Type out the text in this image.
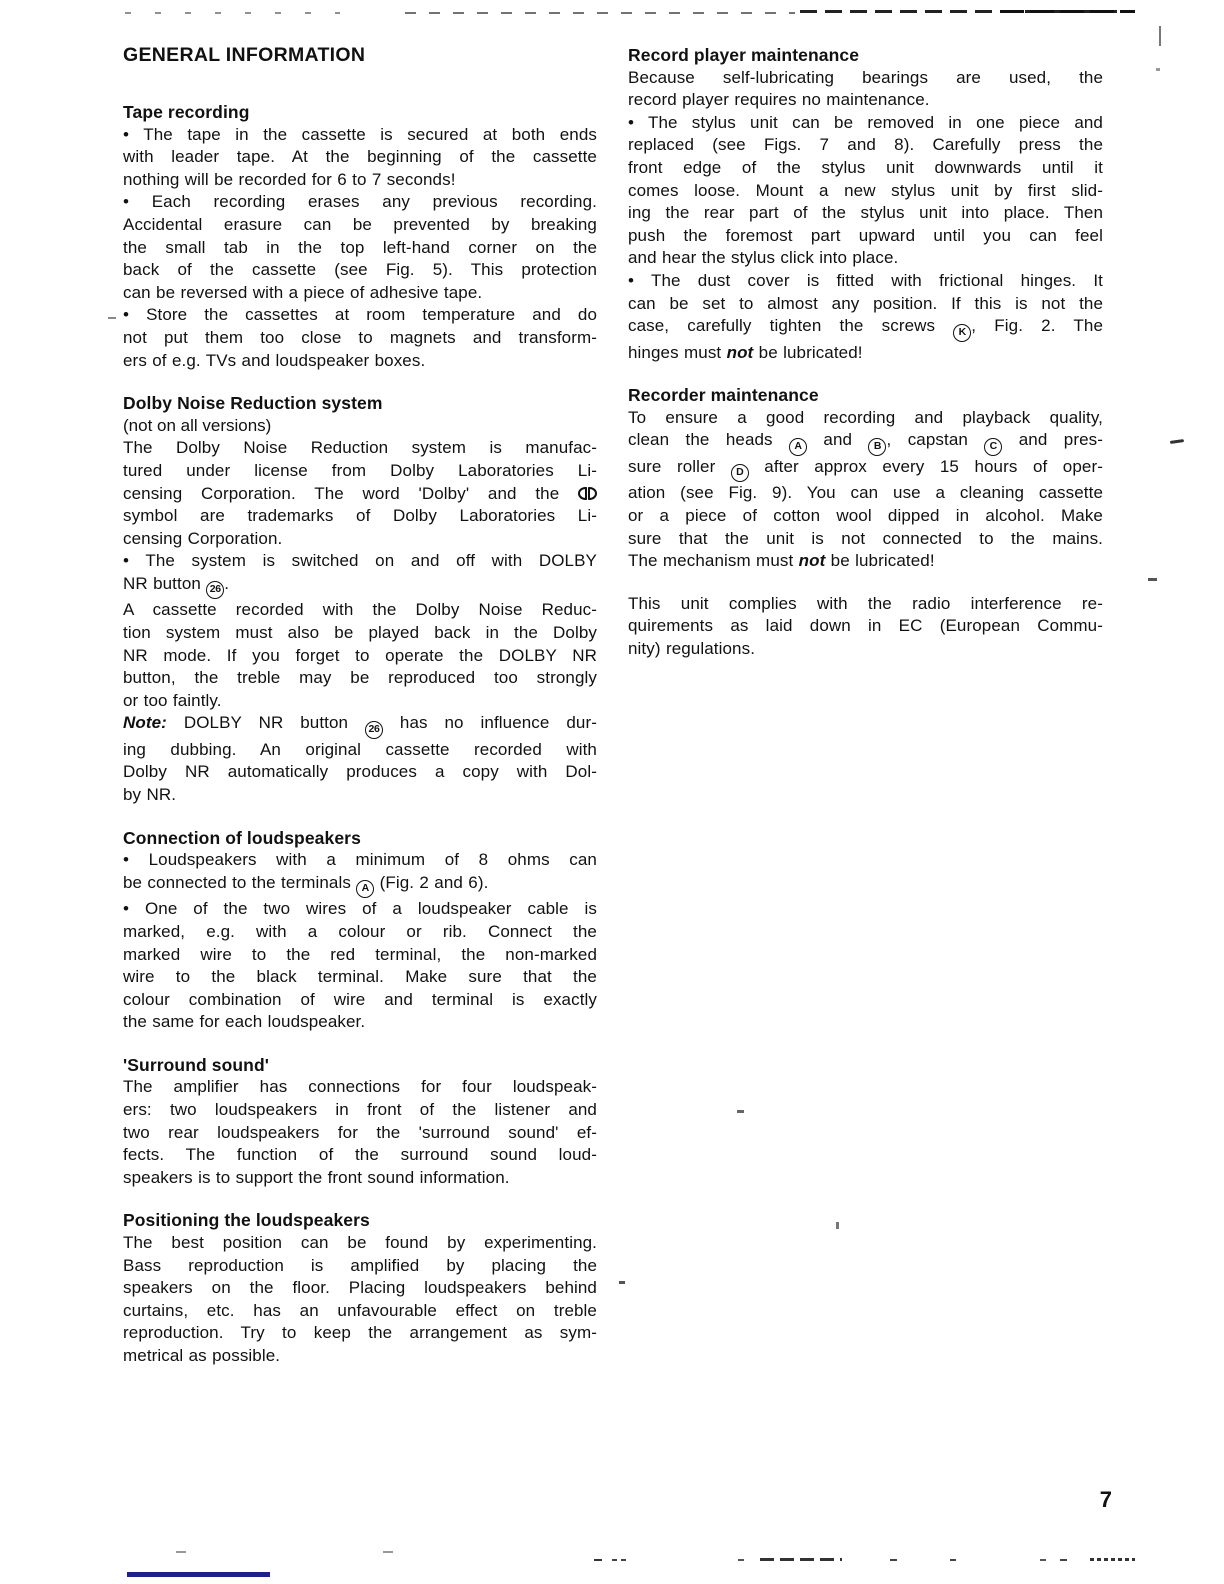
GENERAL INFORMATION
Tape recording
• The tape in the cassette is secured at both ends
with leader tape. At the beginning of the cassette
nothing will be recorded for 6 to 7 seconds!
• Each recording erases any previous recording.
Accidental erasure can be prevented by breaking
the small tab in the top left-hand corner on the
back of the cassette (see Fig. 5). This protection
can be reversed with a piece of adhesive tape.
• Store the cassettes at room temperature and do
not put them too close to magnets and transform-
ers of e.g. TVs and loudspeaker boxes.
Dolby Noise Reduction system
(not on all versions)
The Dolby Noise Reduction system is manufac-
tured under license from Dolby Laboratories Li-
censing Corporation. The word 'Dolby' and the
symbol are trademarks of Dolby Laboratories Li-
censing Corporation.
• The system is switched on and off with DOLBY
NR button 26 .
A cassette recorded with the Dolby Noise Reduc-
tion system must also be played back in the Dolby
NR mode. If you forget to operate the DOLBY NR
button, the treble may be reproduced too strongly
or too faintly.
Note: DOLBY NR button 26 has no influence dur-
ing dubbing. An original cassette recorded with
Dolby NR automatically produces a copy with Dol-
by NR.
Connection of loudspeakers
• Loudspeakers with a minimum of 8 ohms can
be connected to the terminals A (Fig. 2 and 6).
• One of the two wires of a loudspeaker cable is
marked, e.g. with a colour or rib. Connect the
marked wire to the red terminal, the non-marked
wire to the black terminal. Make sure that the
colour combination of wire and terminal is exactly
the same for each loudspeaker.
'Surround sound'
The amplifier has connections for four loudspeak-
ers: two loudspeakers in front of the listener and
two rear loudspeakers for the 'surround sound' ef-
fects. The function of the surround sound loud-
speakers is to support the front sound information.
Positioning the loudspeakers
The best position can be found by experimenting.
Bass reproduction is amplified by placing the
speakers on the floor. Placing loudspeakers behind
curtains, etc. has an unfavourable effect on treble
reproduction. Try to keep the arrangement as sym-
metrical as possible.
Record player maintenance
Because self-lubricating bearings are used, the
record player requires no maintenance.
• The stylus unit can be removed in one piece and
replaced (see Figs. 7 and 8). Carefully press the
front edge of the stylus unit downwards until it
comes loose. Mount a new stylus unit by first slid-
ing the rear part of the stylus unit into place. Then
push the foremost part upward until you can feel
and hear the stylus click into place.
• The dust cover is fitted with frictional hinges. It
can be set to almost any position. If this is not the
case, carefully tighten the screws K , Fig. 2. The
hinges must not be lubricated!
Recorder maintenance
To ensure a good recording and playback quality,
clean the heads A and B , capstan C and pres-
sure roller D after approx every 15 hours of oper-
ation (see Fig. 9). You can use a cleaning cassette
or a piece of cotton wool dipped in alcohol. Make
sure that the unit is not connected to the mains.
The mechanism must not be lubricated!
This unit complies with the radio interference re-
quirements as laid down in EC (European Commu-
nity) regulations.
7
